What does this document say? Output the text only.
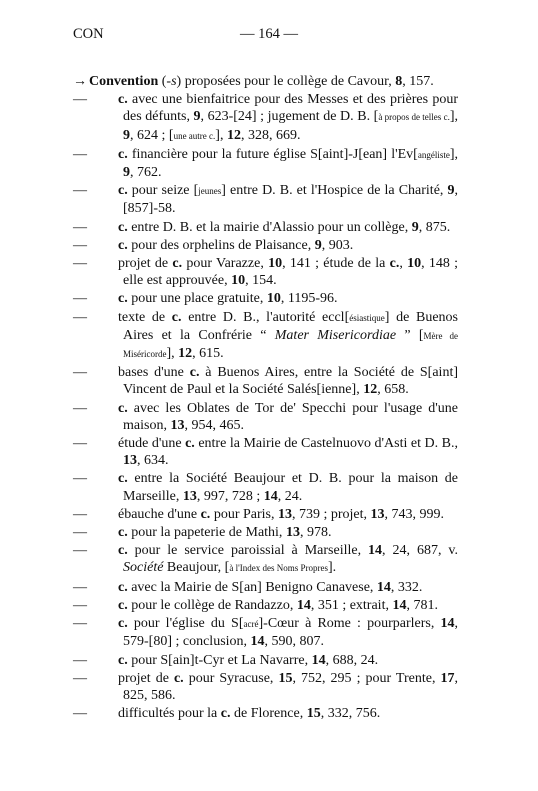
CON	— 164 —
→ Convention (-s) proposées pour le collège de Cavour, 8, 157.
— c. avec une bienfaitrice pour des Messes et des prières pour des défunts, 9, 623-[24] ; jugement de D. B. [à propos de telles c.], 9, 624 ; [une autre c.], 12, 328, 669.
— c. financière pour la future église S[aint]-J[ean] l'Ev[angéliste], 9, 762.
— c. pour seize [jeunes] entre D. B. et l'Hospice de la Charité, 9, [857]-58.
— c. entre D. B. et la mairie d'Alassio pour un collège, 9, 875.
— c. pour des orphelins de Plaisance, 9, 903.
— projet de c. pour Varazze, 10, 141 ; étude de la c., 10, 148 ; elle est approuvée, 10, 154.
— c. pour une place gratuite, 10, 1195-96.
— texte de c. entre D. B., l'autorité eccl[ésiastique] de Buenos Aires et la Confrérie “ Mater Misericordiae ” [Mère de Miséricorde], 12, 615.
— bases d'une c. à Buenos Aires, entre la Société de S[aint] Vincent de Paul et la Société Salés[ienne], 12, 658.
— c. avec les Oblates de Tor de' Specchi pour l'usage d'une maison, 13, 954, 465.
— étude d'une c. entre la Mairie de Castelnuovo d'Asti et D. B., 13, 634.
— c. entre la Société Beaujour et D. B. pour la maison de Marseille, 13, 997, 728 ; 14, 24.
— ébauche d'une c. pour Paris, 13, 739 ; projet, 13, 743, 999.
— c. pour la papeterie de Mathi, 13, 978.
— c. pour le service paroissial à Marseille, 14, 24, 687, v. Société Beaujour, [à l'Index des Noms Propres].
— c. avec la Mairie de S[an] Benigno Canavese, 14, 332.
— c. pour le collège de Randazzo, 14, 351 ; extrait, 14, 781.
— c. pour l'église du S[acré]-Cœur à Rome : pourparlers, 14, 579-[80] ; conclusion, 14, 590, 807.
— c. pour S[ain]t-Cyr et La Navarre, 14, 688, 24.
— projet de c. pour Syracuse, 15, 752, 295 ; pour Trente, 17, 825, 586.
— difficultés pour la c. de Florence, 15, 332, 756.
